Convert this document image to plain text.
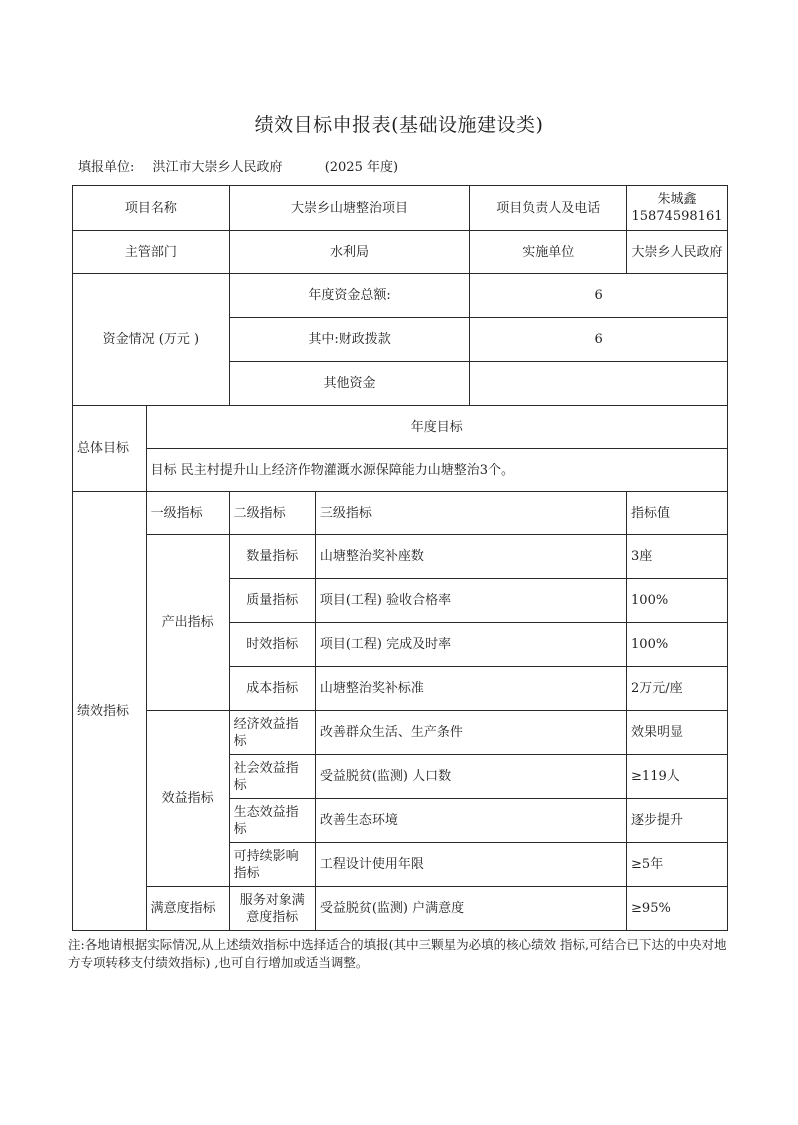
绩效目标申报表(基础设施建设类)
填报单位: 洪江市大崇乡人民政府	(2025 年度)
项目名称		大崇乡山塘整治项目		项目负责人及电话	朱城鑫15874598161
主管部门		水利局		实施单位	大崇乡人民政府
资金情况 (万元 )		年度资金总额:		6	
		其中:财政拨款		6	
		其他资金			
总体目标	年度目标				
	目标 民主村提升山上经济作物灌溉水源保障能力山塘整治3个。				
绩效指标	一级指标	二级指标	三级指标		指标值
	产出指标	数量指标	山塘整治奖补座数		3座
		质量指标	项目(工程) 验收合格率		100%
		时效指标	项目(工程) 完成及时率		100%
		成本指标	山塘整治奖补标准		2万元/座
	效益指标	经济效益指标	改善群众生活、生产条件		效果明显
		社会效益指标	受益脱贫(监测) 人口数		≥119人
		生态效益指标	改善生态环境		逐步提升
		可持续影响指标	工程设计使用年限		≥5年
	满意度指标	服务对象满意度指标	受益脱贫(监测) 户满意度		≥95%
注:各地请根据实际情况,从上述绩效指标中选择适合的填报(其中三颗星为必填的核心绩效 指标,可结合已下达的中央对地方专项转移支付绩效指标) ,也可自行增加或适当调整。
